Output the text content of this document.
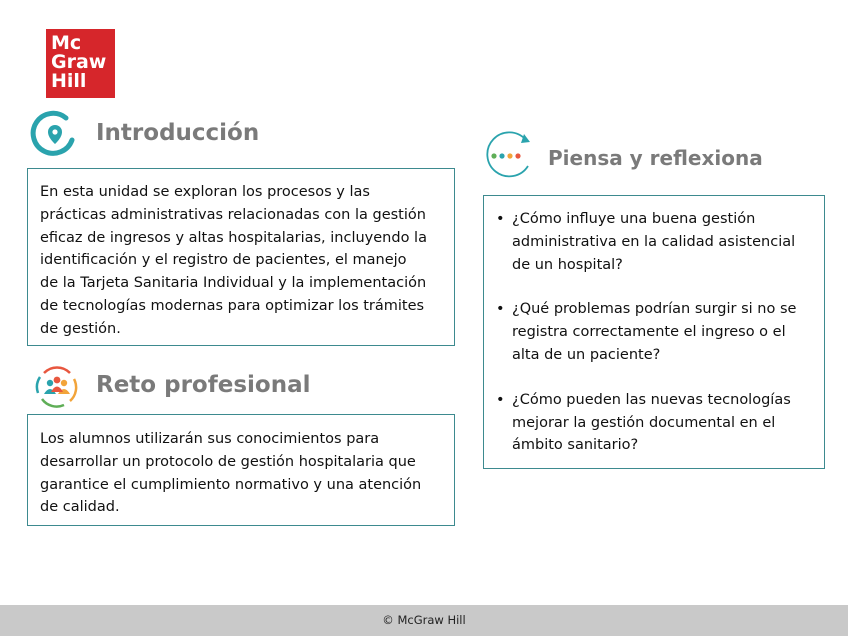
Mc
Graw
Hill
Introducción

En esta unidad se exploran los procesos y las

prácticas administrativas relacionadas con la gestión

eficaz de ingresos y altas hospitalarias, incluyendo la

identificación y el registro de pacientes, el manejo

de la Tarjeta Sanitaria Individual y la implementación

de tecnologías modernas para optimizar los trámites

de gestión.

Reto profesional

Los alumnos utilizarán sus conocimientos para

desarrollar un protocolo de gestión hospitalaria que

garantice el cumplimiento normativo y una atención

de calidad.

Piensa y reflexiona
• ¿Cómo influye una buena gestión

administrativa en la calidad asistencial

de un hospital?

• ¿Qué problemas podrían surgir si no se

registra correctamente el ingreso o el

alta de un paciente?

• ¿Cómo pueden las nuevas tecnologías

mejorar la gestión documental en el

ámbito sanitario?

© McGraw Hill
